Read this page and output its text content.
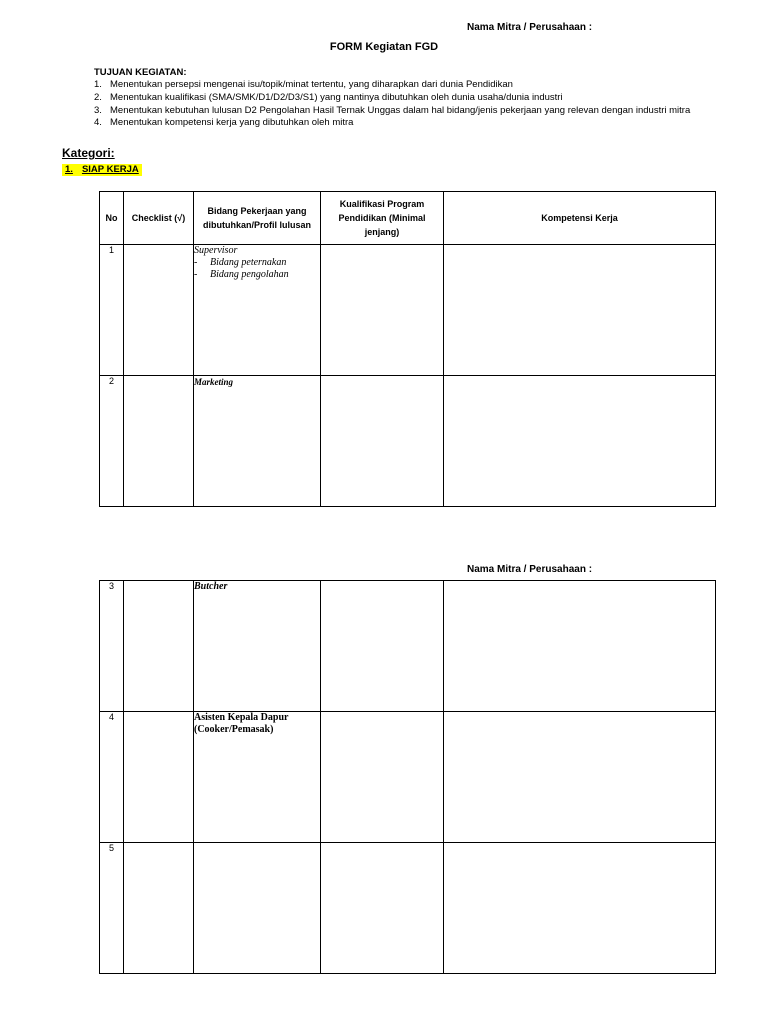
Nama Mitra / Perusahaan :
FORM Kegiatan FGD
TUJUAN KEGIATAN:
1. Menentukan persepsi mengenai isu/topik/minat tertentu, yang diharapkan dari dunia Pendidikan
2. Menentukan kualifikasi (SMA/SMK/D1/D2/D3/S1) yang nantinya dibutuhkan oleh dunia usaha/dunia industri
3. Menentukan kebutuhan lulusan D2 Pengolahan Hasil Ternak Unggas dalam hal bidang/jenis pekerjaan yang relevan dengan industri mitra
4. Menentukan kompetensi kerja yang dibutuhkan oleh mitra
Kategori:
1. SIAP KERJA
No	Checklist (√)	Bidang Pekerjaan yang dibutuhkan/Profil lulusan	Kualifikasi Program Pendidikan (Minimal jenjang)	Kompetensi Kerja
1		Supervisor
- Bidang peternakan
- Bidang pengolahan		

2		Marketing		

Nama Mitra / Perusahaan :
3		Butcher		

4		Asisten Kepala Dapur (Cooker/Pemasak)		

5		
